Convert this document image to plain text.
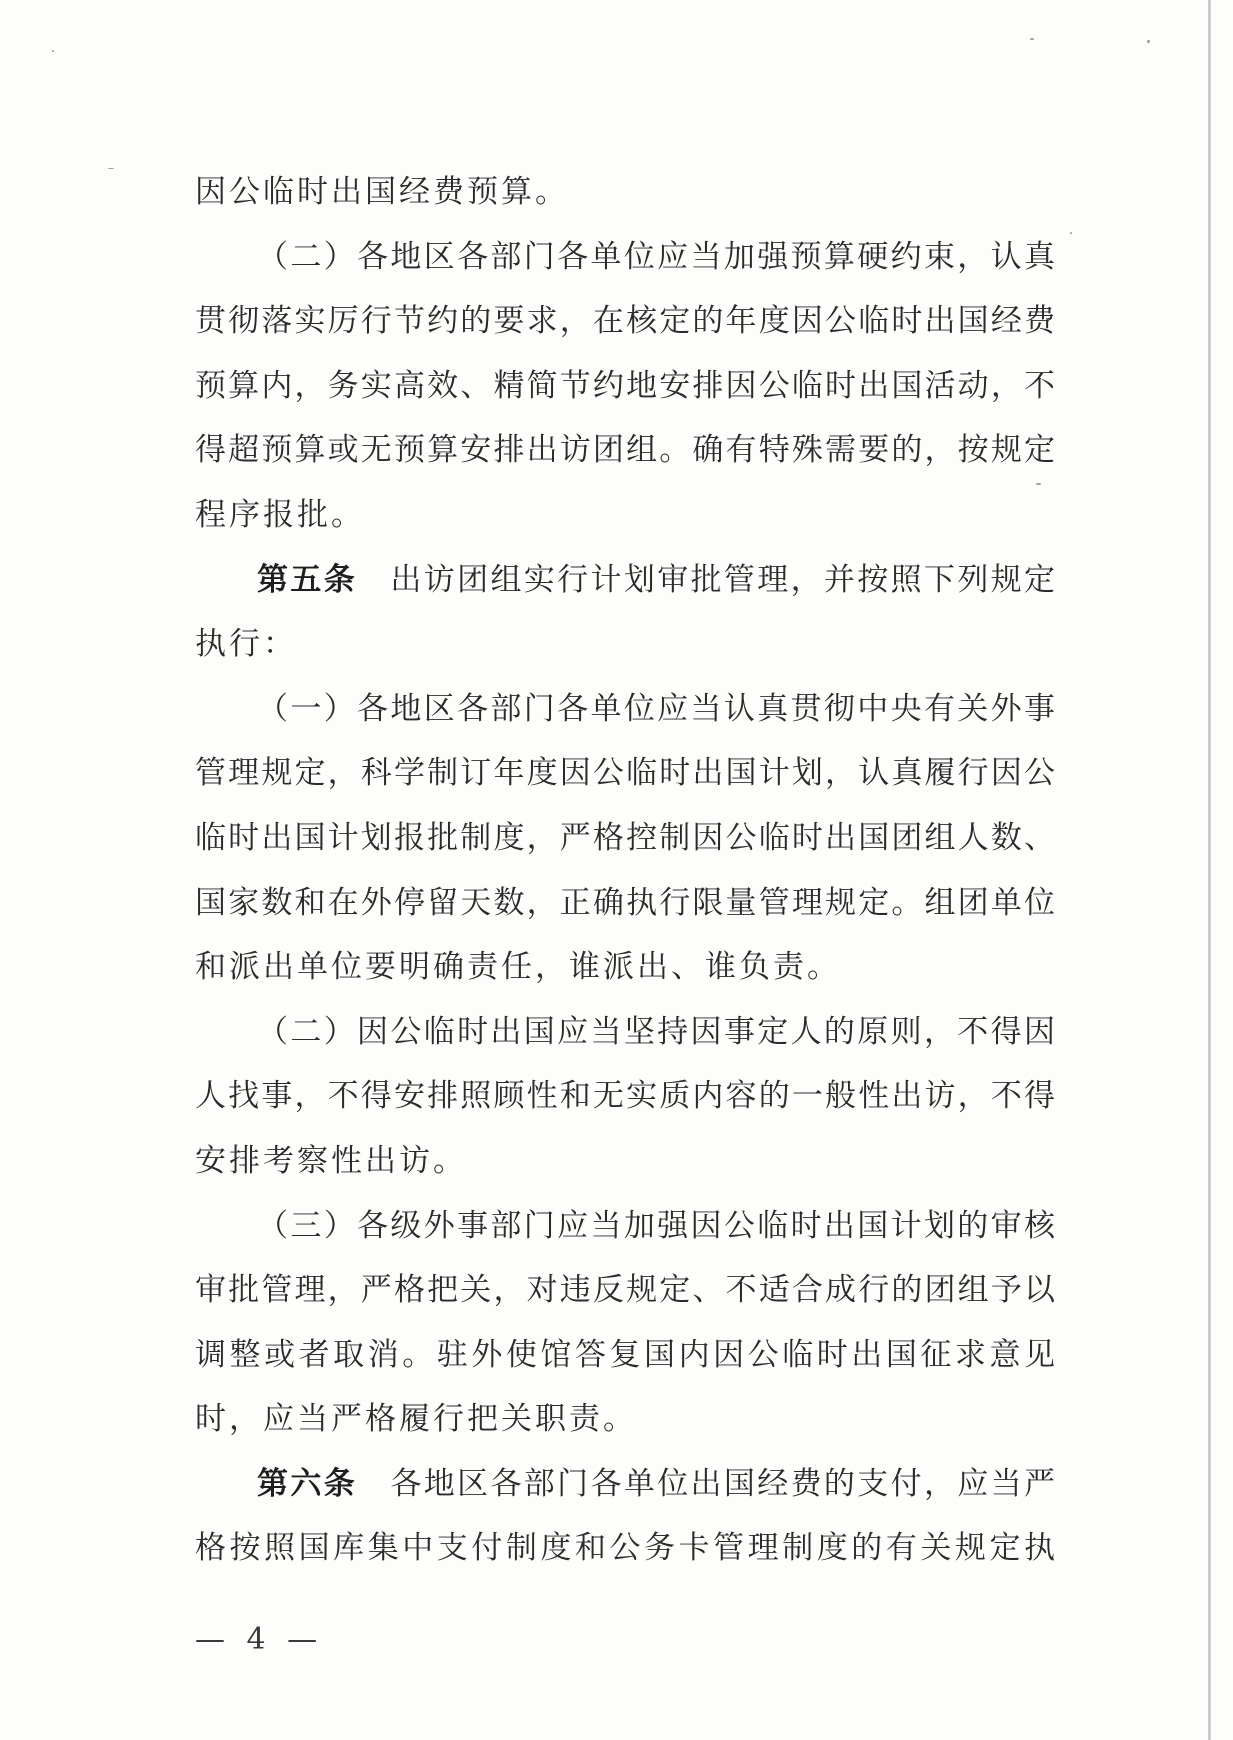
因公临时出国经费预算。
（二）各地区各部门各单位应当加强预算硬约束，认真
贯彻落实厉行节约的要求，在核定的年度因公临时出国经费
预算内，务实高效、精简节约地安排因公临时出国活动，不
得超预算或无预算安排出访团组。确有特殊需要的，按规定
程序报批。
第五条　 出访团组实行计划审批管理，并按照下列规定
执行：
（一）各地区各部门各单位应当认真贯彻中央有关外事
管理规定，科学制订年度因公临时出国计划，认真履行因公
临时出国计划报批制度，严格控制因公临时出国团组人数、
国家数和在外停留天数，正确执行限量管理规定。组团单位
和派出单位要明确责任，谁派出、谁负责。
（二）因公临时出国应当坚持因事定人的原则，不得因
人找事，不得安排照顾性和无实质内容的一般性出访，不得
安排考察性出访。
（三）各级外事部门应当加强因公临时出国计划的审核
审批管理，严格把关，对违反规定、不适合成行的团组予以
调整或者取消。驻外使馆答复国内因公临时出国征求意见
时，应当严格履行把关职责。
第六条　 各地区各部门各单位出国经费的支付，应当严
格按照国库集中支付制度和公务卡管理制度的有关规定执
— 4 —
